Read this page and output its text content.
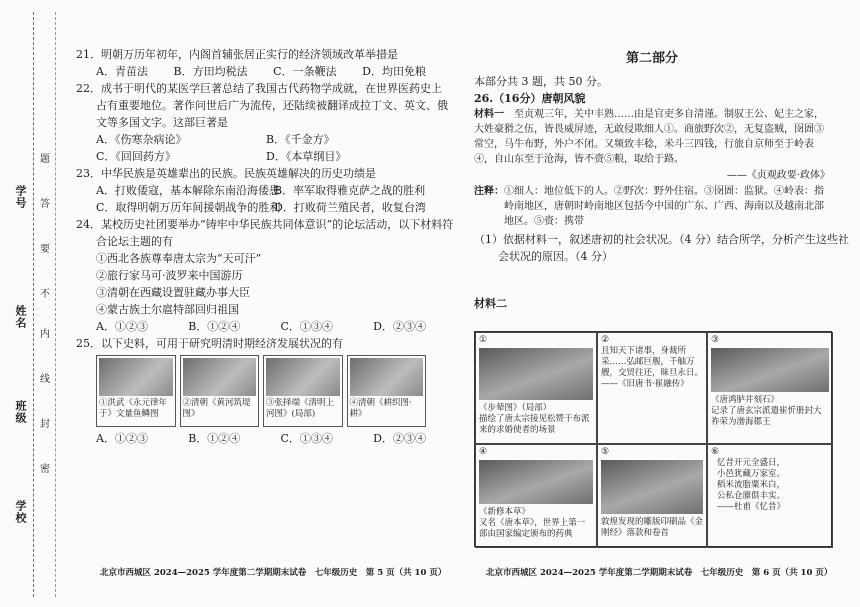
学号
姓名
班级
学校
题
答
要
不
内
线
封
密
21．明朝万历年初年，内阁首辅张居正实行的经济领域改革举措是
A．青苗法 B．方田均税法 C．一条鞭法 D．均田免粮
22．成书于明代的某医学巨著总结了我国古代药物学成就，在世界医药史上
占有重要地位。著作问世后广为流传，还陆续被翻译成拉丁文、英文、俄
文等多国文字。这部巨著是
A．《伤寒杂病论》	B．《千金方》
C．《回回药方》	D．《本草纲目》
23．中华民族是英雄辈出的民族。民族英雄解决的历史功绩是
A．打败倭寇，基本解除东南沿海倭患
B．率军取得雅克萨之战的胜利
C．取得明朝万历年间援朝战争的胜利
D．打败荷兰殖民者，收复台湾
24．某校历史社团要举办“铸牢中华民族共同体意识”的论坛活动，以下材料符
合论坛主题的有
①西北各族尊奉唐太宗为“天可汗”
②旅行家马可·波罗来中国游历
③清朝在西藏设置驻藏办事大臣
④蒙古族土尔扈特部回归祖国
A．①②③	B．①②④	C．①③④	D．②③④
25．以下史料，可用于研究明清时期经济发展状况的有
①洪武《永元律年于》文量鱼鳞图
②清朝《黄河筑堤图》
③张择端《清明上河图》(局部)
④清朝《耕织图·耕》
A．①②③	B．①②④	C．①③④	D．②③④
北京市西城区 2024—2025 学年度第二学期期末试卷　七年级历史　第 5 页（共 10 页）
第二部分
本部分共 3 题，共 50 分。
26.（16分）唐朝风貌
材料一　 至贞观三年，关中丰熟……由是官吏多自清谨。制驭王公、妃主之家，大姓豪猾之伍，皆畏威屏迹，无敢侵欺细人①。商旅野次②，无复盗贼，囹圄③常空，马牛布野，外户不闭。又频致丰稔，米斗三四钱，行旅自京师至于岭表④，自山东至于沧海，皆不赍⑤粮，取给于路。
——《贞观政要·政体》
注释：①细人：地位低下的人。②野次：野外住宿。③囹圄：监狱。④岭表：指
岭南地区，唐朝时岭南地区包括今中国的广东、广西、海南以及越南北部
地区。⑤赍：携带
（1）依据材料一，叙述唐初的社会状况。（4 分）结合所学，分析产生这些社
会状况的原因。（4 分）
材料二
①
《步辇图》（局部）
描绘了唐太宗接见松赞干布派来的求婚使者的场景
②
且知天下诸事，身裁所采……弘邮巨舰，千舳万艘，交贸往还，昧旦永日。
——《旧唐书·崔融传》
③
《唐鸿胪井刻石》
记录了唐玄宗派遣崔忻册封大祚荣为渤海郡王
④
《新修本草》
又名《唐本草》，世界上第一部由国家编定颁布的药典
⑤
敦煌发现的雕版印刷品《金刚经》落款和卷首
⑥
忆昔开元全盛日，
小邑犹藏万家室。
稻米流脂粟米白，
公私仓廪俱丰实。
——杜甫《忆昔》
北京市西城区 2024—2025 学年度第二学期期末试卷　七年级历史　第 6 页（共 10 页）
